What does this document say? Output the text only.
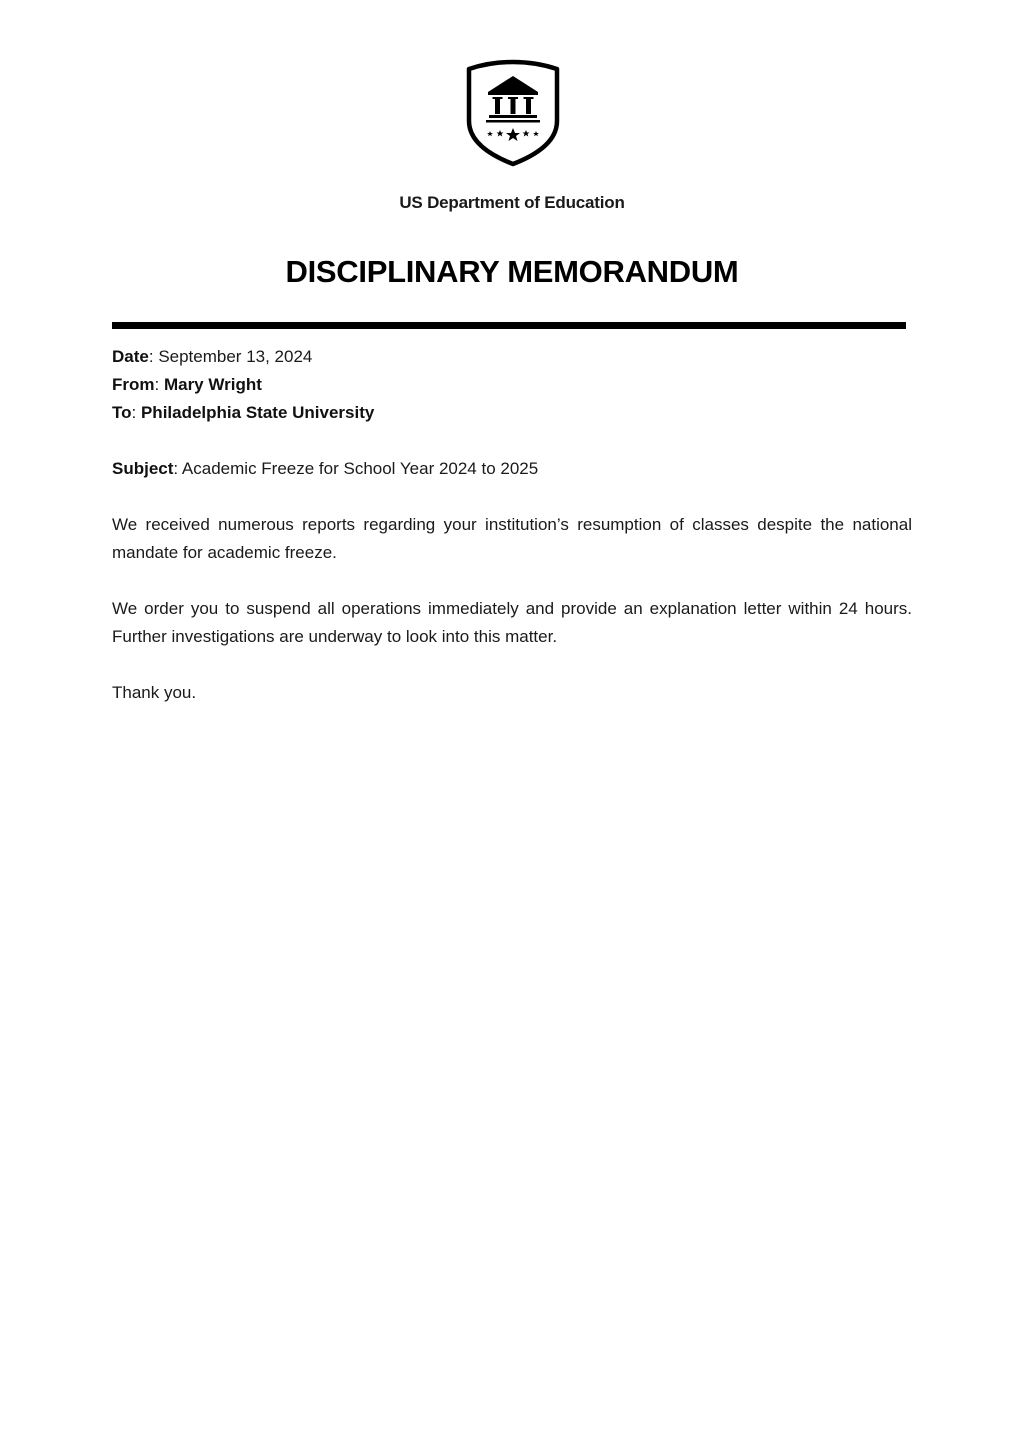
US Department of Education
DISCIPLINARY MEMORANDUM
Date: September 13, 2024
From: Mary Wright
To: Philadelphia State University
Subject: Academic Freeze for School Year 2024 to 2025
We received numerous reports regarding your institution’s resumption of classes despite the national mandate for academic freeze.
We order you to suspend all operations immediately and provide an explanation letter within 24 hours. Further investigations are underway to look into this matter.
Thank you.
